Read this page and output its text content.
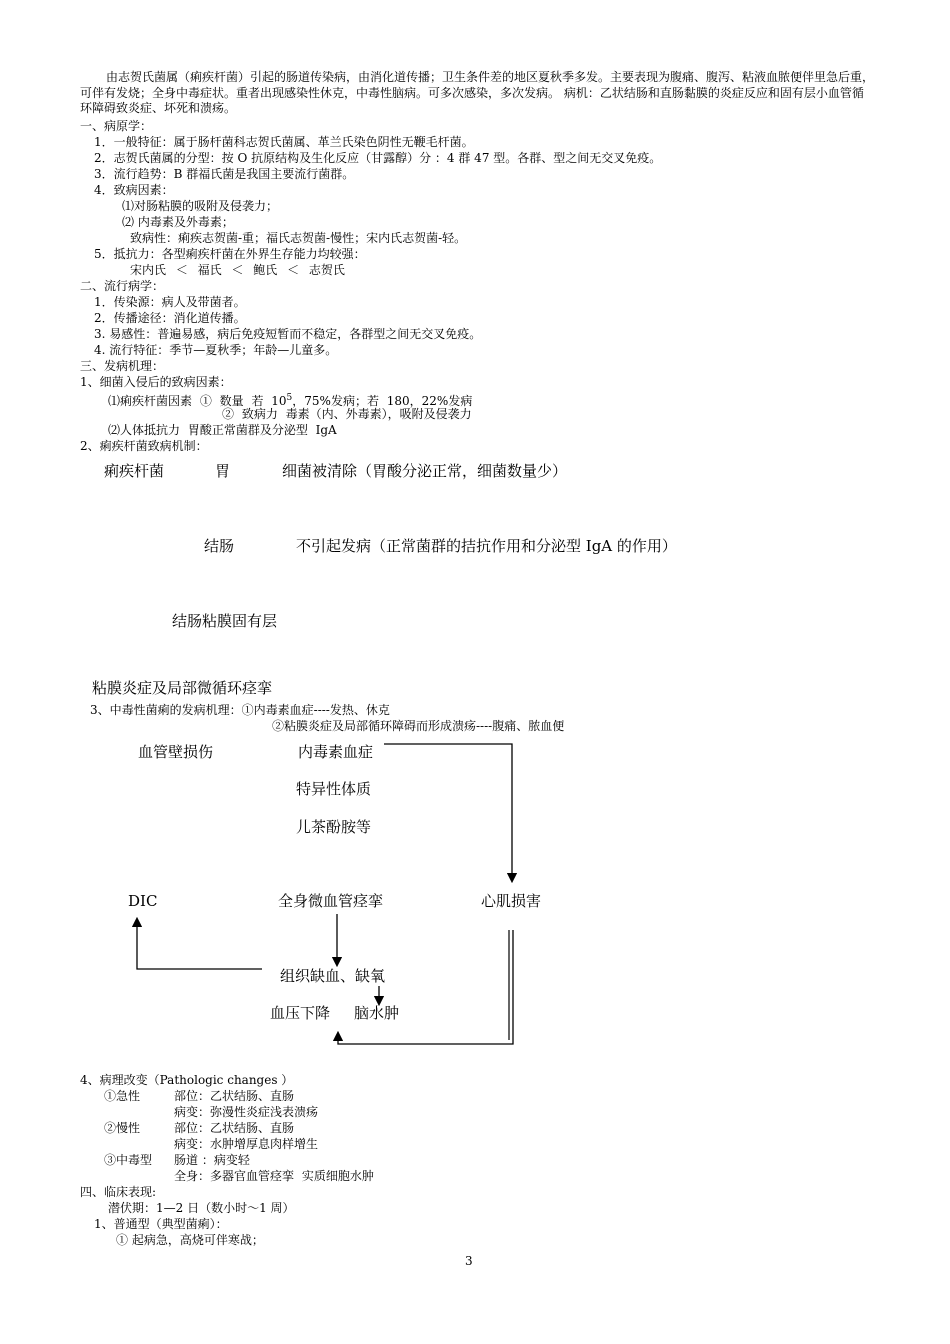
由志贺氏菌属（痢疾杆菌）引起的肠道传染病，由消化道传播；卫生条件差的地区夏秋季多发。主要表现为腹痛、腹泻、粘液血脓便伴里急后重，可伴有发烧；全身中毒症状。重者出现感染性休克，中毒性脑病。可多次感染，多次发病。 病机：乙状结肠和直肠黏膜的炎症反应和固有层小血管循环障碍致炎症、坏死和溃疡。
一、病原学：
1．一般特征：属于肠杆菌科志贺氏菌属、革兰氏染色阴性无鞭毛杆菌。
2．志贺氏菌属的分型：按 O 抗原结构及生化反应（甘露醇）分 ：4 群 47 型。各群、型之间无交叉免疫。
3．流行趋势：B 群福氏菌是我国主要流行菌群。
4．致病因素：
⑴对肠粘膜的吸附及侵袭力；
⑵ 内毒素及外毒素；
致病性：痢疾志贺菌-重；福氏志贺菌-慢性；宋内氏志贺菌-轻。
5．抵抗力：各型痢疾杆菌在外界生存能力均较强：
宋内氏 ＜ 福氏 ＜ 鲍氏 ＜ 志贺氏
二、流行病学：
1．传染源：病人及带菌者。
2．传播途径：消化道传播。
3. 易感性：普遍易感，病后免疫短暂而不稳定，各群型之间无交叉免疫。
4. 流行特征：季节—夏秋季；年龄—儿童多。
三、发病机理：
1、细菌入侵后的致病因素：
⑴痢疾杆菌因素 ① 数量 若 $10^5$，75%发病；若 180，22%发病
② 致病力 毒素（内、外毒素），吸附及侵袭力
⑵人体抵抗力 胃酸正常菌群及分泌型 IgA
2、痢疾杆菌致病机制：
痢疾杆菌	胃	细菌被清除（胃酸分泌正常，细菌数量少）
结肠	不引起发病（正常菌群的拮抗作用和分泌型 IgA 的作用）
结肠粘膜固有层
粘膜炎症及局部微循环痉挛
3、中毒性菌痢的发病机理：①内毒素血症----发热、休克
②粘膜炎症及局部循环障碍而形成溃疡----腹痛、脓血便
血管壁损伤	内毒素血症
特异性体质
儿茶酚胺等
DIC	全身微血管痉挛	心肌损害
组织缺血、缺氧
血压下降 脑水肿
4、病理改变（Pathologic changes ）
①急性	部位：乙状结肠、直肠
病变：弥漫性炎症浅表溃疡
②慢性	部位：乙状结肠、直肠
病变：水肿增厚息肉样增生
③中毒型 肠道 ：病变轻
全身：多器官血管痉挛 实质细胞水肿
四、临床表现:
潜伏期：1—2 日（数小时～1 周）
1、普通型（典型菌痢）：
① 起病急，高烧可伴寒战；
3
